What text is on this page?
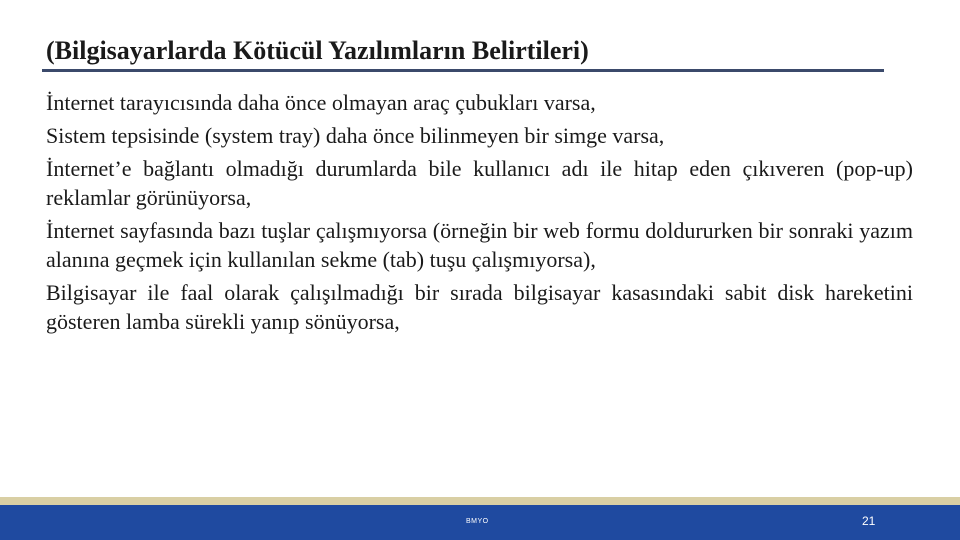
(Bilgisayarlarda Kötücül Yazılımların Belirtileri)
İnternet tarayıcısında daha önce olmayan araç çubukları varsa,
Sistem tepsisinde (system tray) daha önce bilinmeyen bir simge varsa,
İnternet’e bağlantı olmadığı durumlarda bile kullanıcı adı ile hitap eden çıkıveren (pop-up) reklamlar görünüyorsa,
İnternet sayfasında bazı tuşlar çalışmıyorsa (örneğin bir web formu doldururken bir sonraki yazım alanına geçmek için kullanılan sekme (tab) tuşu çalışmıyorsa),
Bilgisayar ile faal olarak çalışılmadığı bir sırada bilgisayar kasasındaki sabit disk hareketini gösteren lamba sürekli yanıp sönüyorsa,
BMYO	21
